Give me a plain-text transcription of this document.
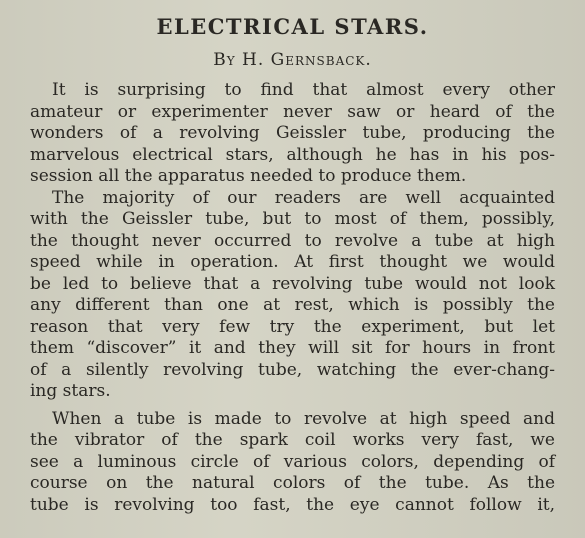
ELECTRICAL STARS.
By H. Gernsback.
It is surprising to find that almost every other
amateur or experimenter never saw or heard of the
wonders of a revolving Geissler tube, producing the
marvelous electrical stars, although he has in his pos-
session all the apparatus needed to produce them.
The majority of our readers are well acquainted
with the Geissler tube, but to most of them, possibly,
the thought never occurred to revolve a tube at high
speed while in operation. At first thought we would
be led to believe that a revolving tube would not look
any different than one at rest, which is possibly the
reason that very few try the experiment, but let
them “discover” it and they will sit for hours in front
of a silently revolving tube, watching the ever-chang-
ing stars.
When a tube is made to revolve at high speed and
the vibrator of the spark coil works very fast, we
see a luminous circle of various colors, depending of
course on the natural colors of the tube. As the
tube is revolving too fast, the eye cannot follow it,
